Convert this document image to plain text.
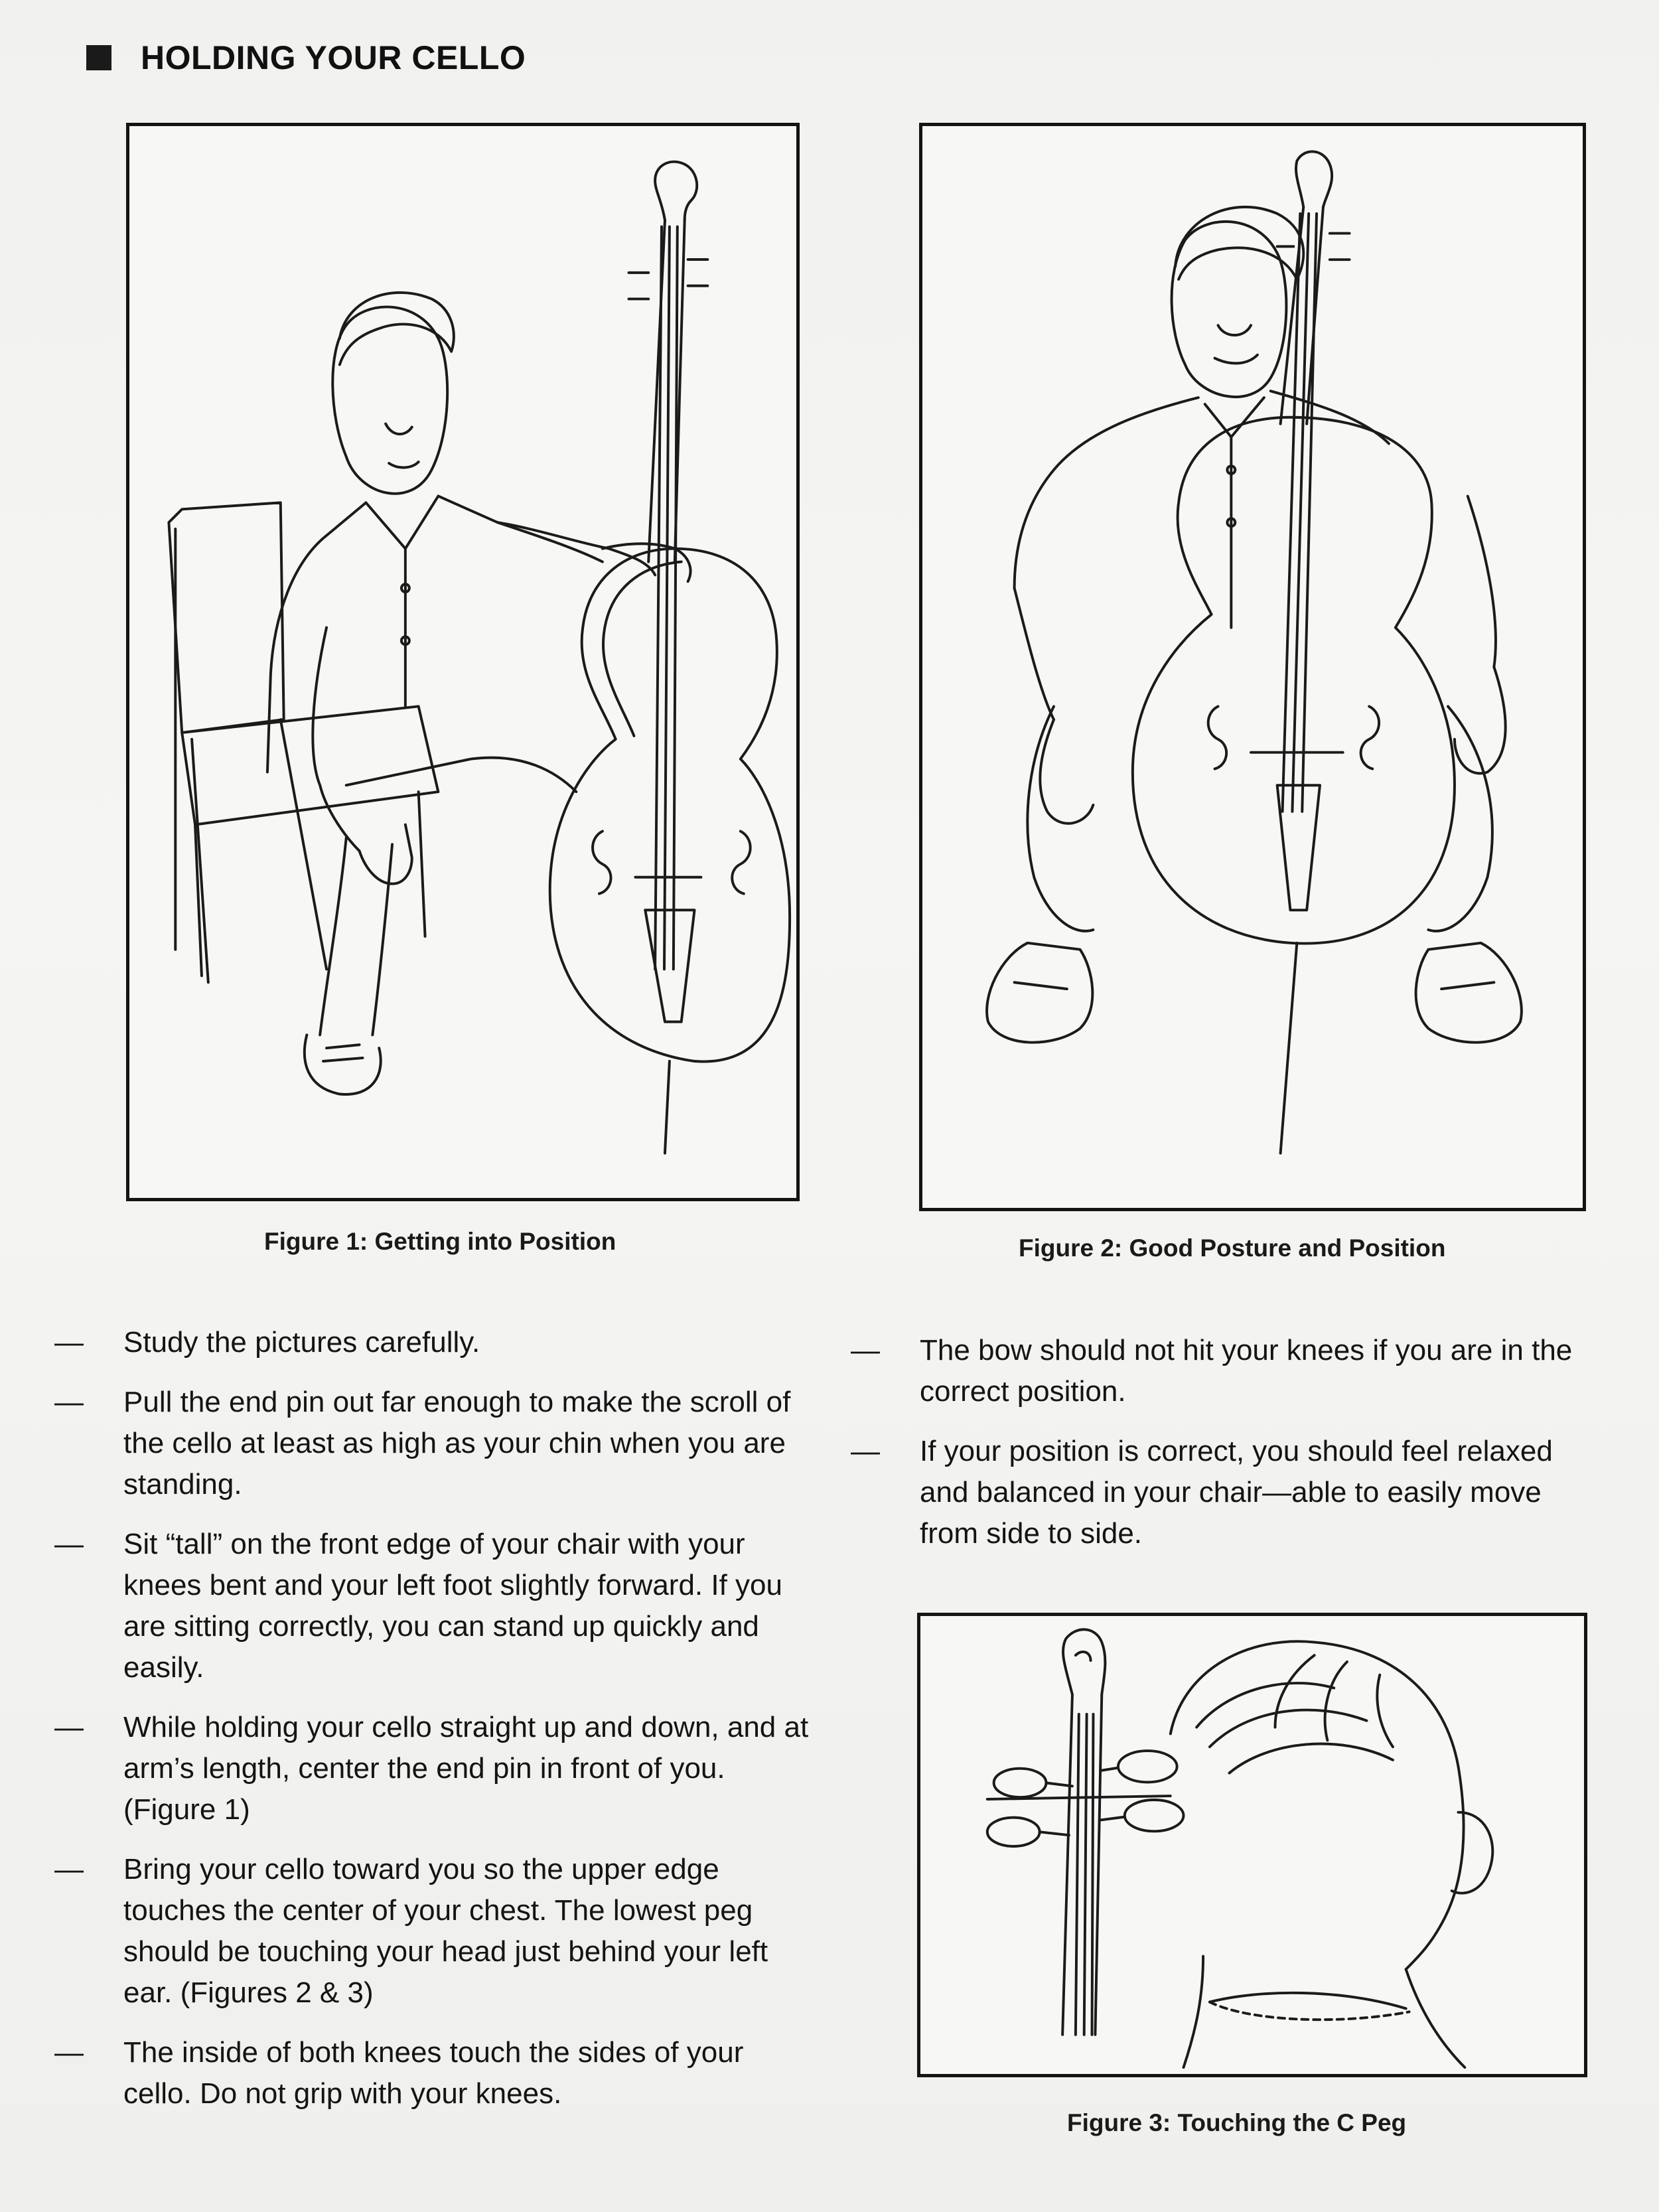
HOLDING YOUR CELLO
Figure 1: Getting into Position	Figure 2: Good Posture and Position
—	Study the pictures carefully.
—	Pull the end pin out far enough to make the scroll of the cello at least as high as your chin when you are standing.
—	Sit “tall” on the front edge of your chair with your knees bent and your left foot slightly forward. If you are sitting correctly, you can stand up quickly and easily.
—	While holding your cello straight up and down, and at arm’s length, center the end pin in front of you. (Figure 1)
—	Bring your cello toward you so the upper edge touches the center of your chest. The lowest peg should be touching your head just behind your left ear. (Figures 2 & 3)
—	The inside of both knees touch the sides of your cello. Do not grip with your knees.
—	The bow should not hit your knees if you are in the correct position.
—	If your position is correct, you should feel relaxed and balanced in your chair—able to easily move from side to side.
Figure 3: Touching the C Peg
